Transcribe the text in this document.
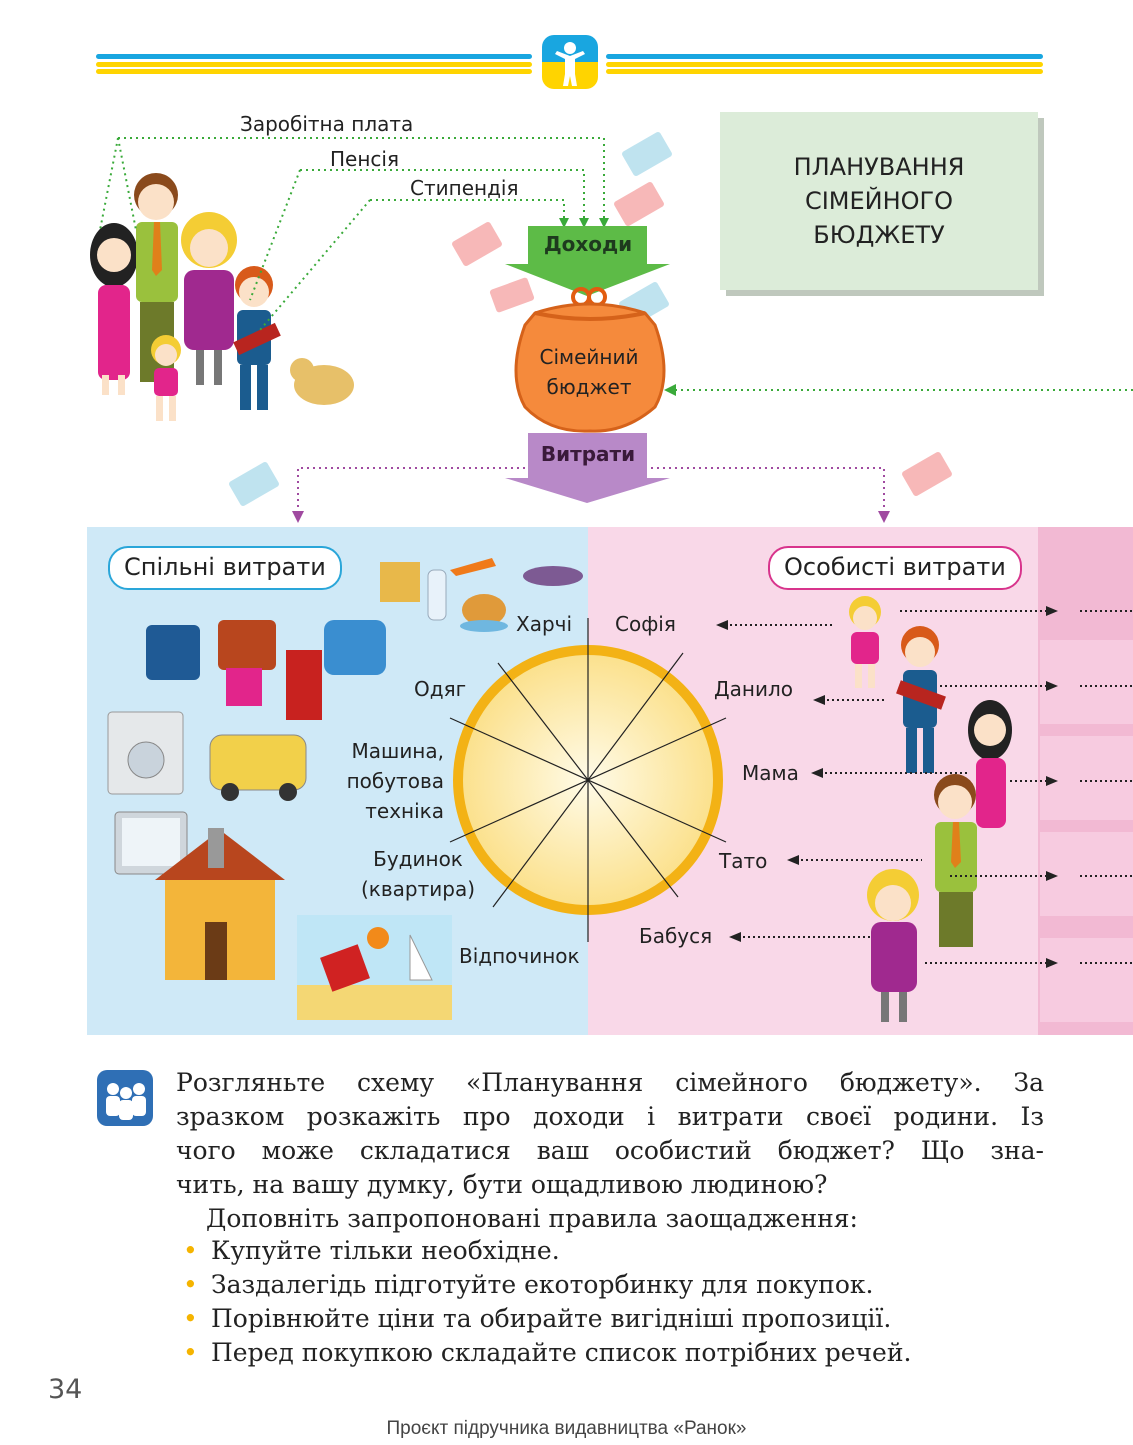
ПЛАНУВАННЯ
СІМЕЙНОГО
БЮДЖЕТУ
Заробітна плата
Пенсія
Стипендія
Доходи
Сімейний
бюджет
Витрати
Спільні витрати	Особисті витрати
Харчі
Одяг
Машина,
побутова
техніка
Будинок
(квартира)
Відпочинок
Софія
Данило
Мама
Тато
Бабуся
Розгляньте схему «Планування сімейного бюджету». За
зразком розкажіть про доходи і витрати своєї родини. Із
чого може складатися ваш особистий бюджет? Що зна-
чить, на вашу думку, бути ощадливою людиною?
Доповніть запропоновані правила заощадження:
• Купуйте тільки необхідне.
• Заздалегідь підготуйте екоторбинку для покупок.
• Порівнюйте ціни та обирайте вигідніші пропозиції.
• Перед покупкою складайте список потрібних речей.
34
Проєкт підручника видавництва «Ранок»
